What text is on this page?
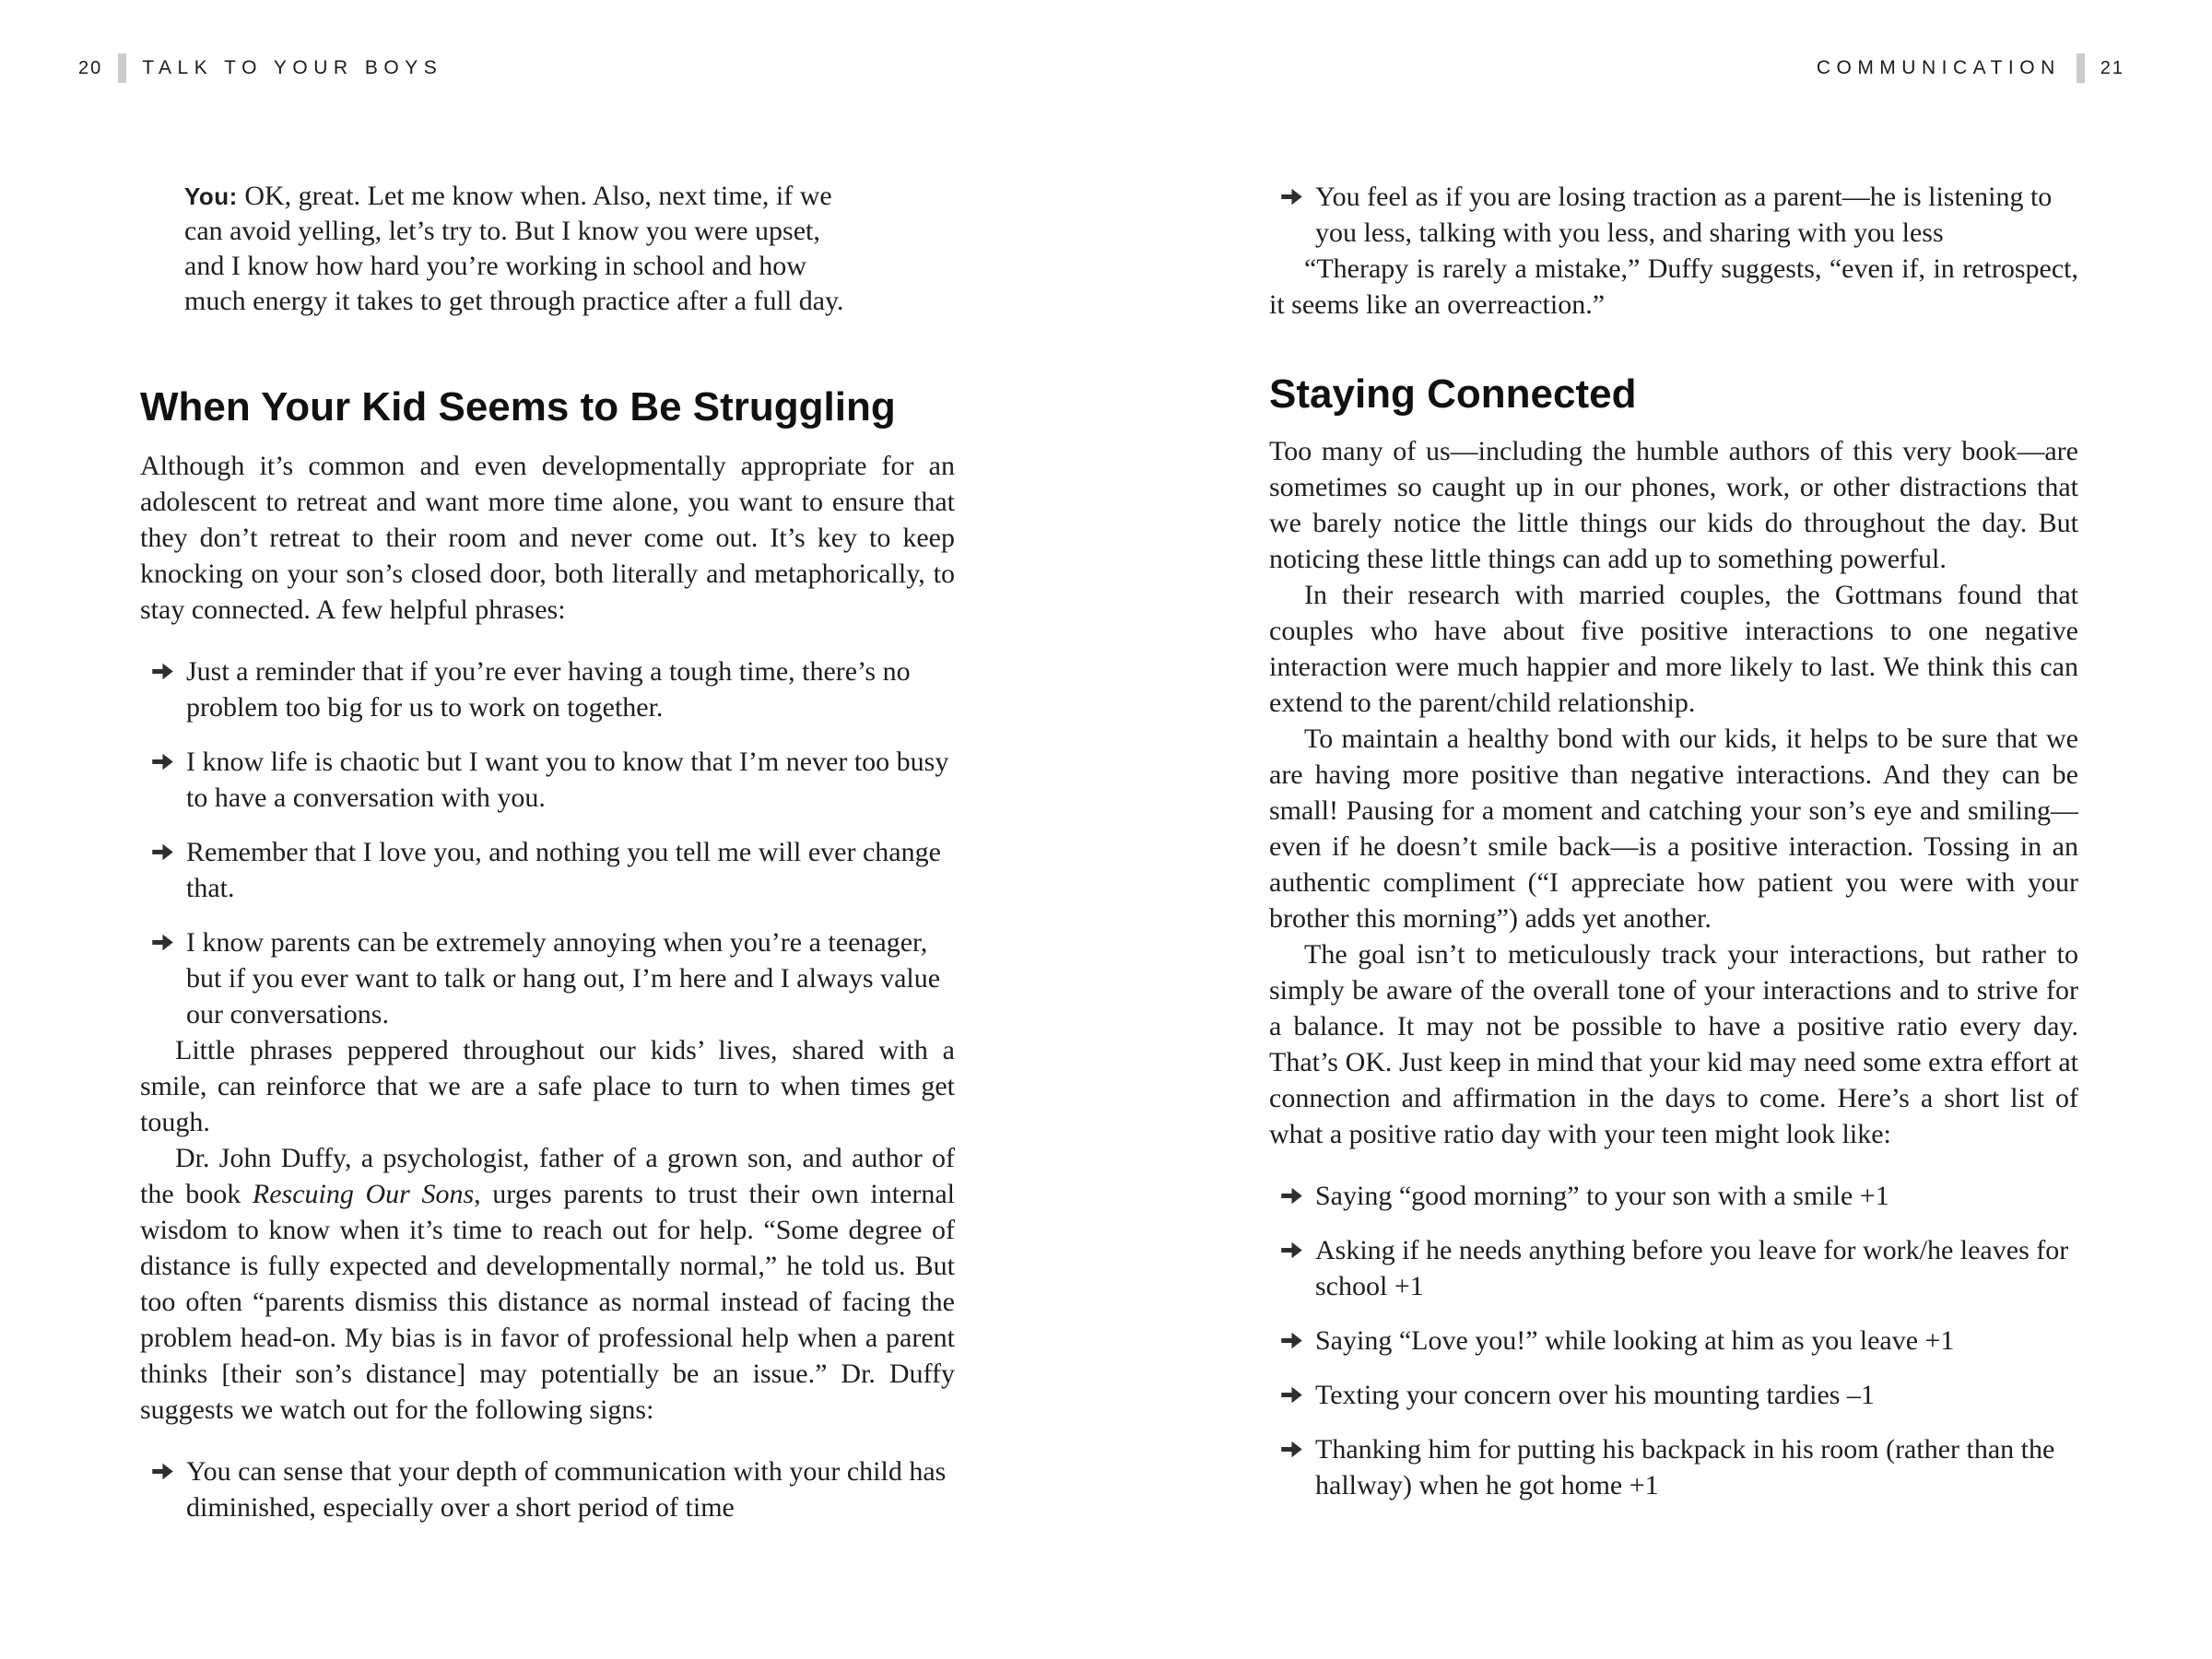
20 TALK TO YOUR BOYS

You: OK, great. Let me know when. Also, next time, if we can avoid yelling, let’s try to. But I know you were upset, and I know how hard you’re working in school and how much energy it takes to get through practice after a full day.

When Your Kid Seems to Be Struggling

Although it’s common and even developmentally appropriate for an adolescent to retreat and want more time alone, you want to ensure that they don’t retreat to their room and never come out. It’s key to keep knocking on your son’s closed door, both literally and metaphorically, to stay connected. A few helpful phrases:

Just a reminder that if you’re ever having a tough time, there’s no problem too big for us to work on together.
I know life is chaotic but I want you to know that I’m never too busy to have a conversation with you.
Remember that I love you, and nothing you tell me will ever change that.
I know parents can be extremely annoying when you’re a teenager, but if you ever want to talk or hang out, I’m here and I always value our conversations.

Little phrases peppered throughout our kids’ lives, shared with a smile, can reinforce that we are a safe place to turn to when times get tough.

Dr. John Duffy, a psychologist, father of a grown son, and author of the book Rescuing Our Sons, urges parents to trust their own internal wisdom to know when it’s time to reach out for help. “Some degree of distance is fully expected and developmentally normal,” he told us. But too often “parents dismiss this distance as normal instead of facing the problem head-on. My bias is in favor of professional help when a parent thinks [their son’s distance] may potentially be an issue.” Dr. Duffy suggests we watch out for the following signs:

You can sense that your depth of communication with your child has diminished, especially over a short period of time
COMMUNICATION 21
You feel as if you are losing traction as a parent—he is listening to you less, talking with you less, and sharing with you less

“Therapy is rarely a mistake,” Duffy suggests, “even if, in retrospect, it seems like an overreaction.”

Staying Connected

Too many of us—including the humble authors of this very book—are sometimes so caught up in our phones, work, or other distractions that we barely notice the little things our kids do throughout the day. But noticing these little things can add up to something powerful.

In their research with married couples, the Gottmans found that couples who have about five positive interactions to one negative interaction were much happier and more likely to last. We think this can extend to the parent/child relationship.

To maintain a healthy bond with our kids, it helps to be sure that we are having more positive than negative interactions. And they can be small! Pausing for a moment and catching your son’s eye and smiling—even if he doesn’t smile back—is a positive interaction. Tossing in an authentic compliment (“I appreciate how patient you were with your brother this morning”) adds yet another.

The goal isn’t to meticulously track your interactions, but rather to simply be aware of the overall tone of your interactions and to strive for a balance. It may not be possible to have a positive ratio every day. That’s OK. Just keep in mind that your kid may need some extra effort at connection and affirmation in the days to come. Here’s a short list of what a positive ratio day with your teen might look like:

Saying “good morning” to your son with a smile +1
Asking if he needs anything before you leave for work/he leaves for school +1
Saying “Love you!” while looking at him as you leave +1
Texting your concern over his mounting tardies –1
Thanking him for putting his backpack in his room (rather than the hallway) when he got home +1
